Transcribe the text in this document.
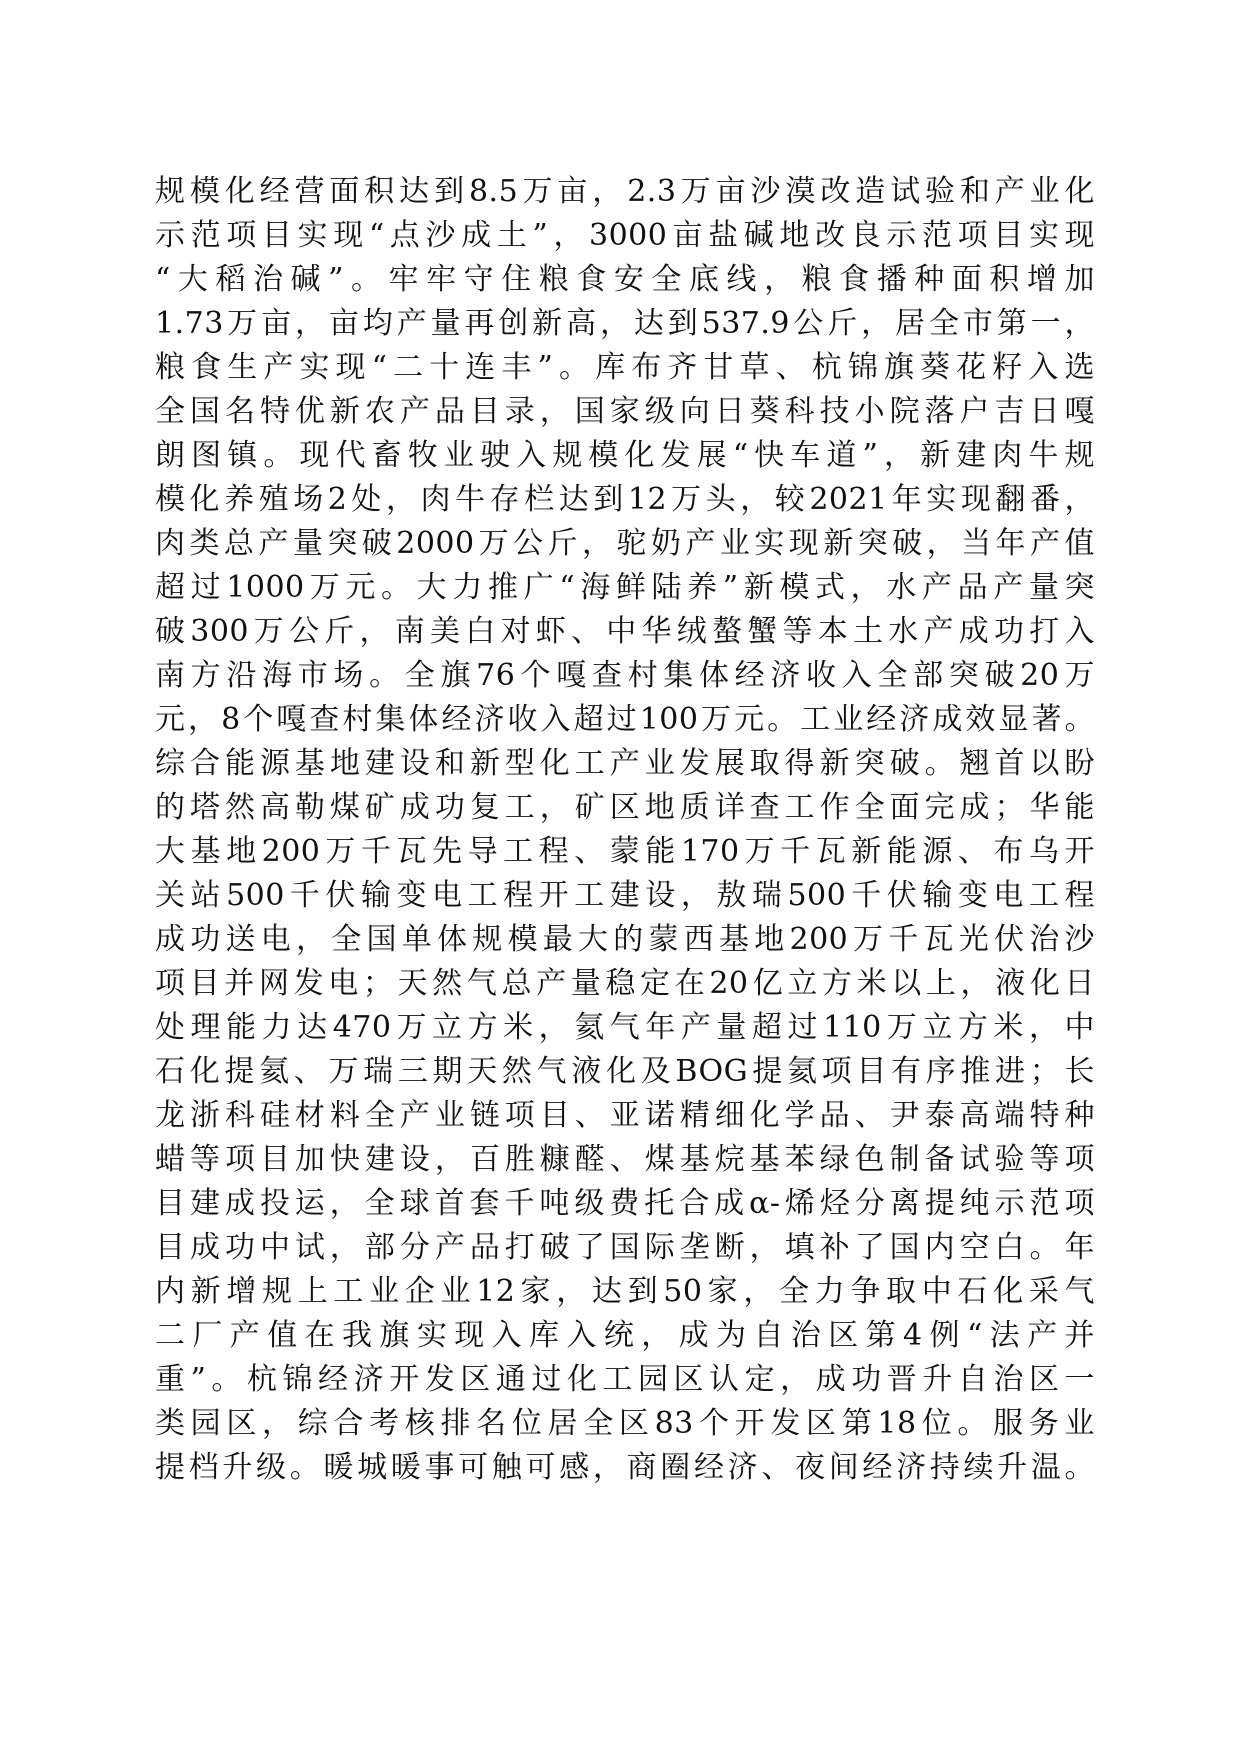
规模化经营面积达到8.5万亩，2.3万亩沙漠改造试验和产业化
示范项目实现“点沙成土”，3000亩盐碱地改良示范项目实现
“大稻治碱”。牢牢守住粮食安全底线，粮食播种面积增加
1.73万亩，亩均产量再创新高，达到537.9公斤，居全市第一，
粮食生产实现“二十连丰”。库布齐甘草、杭锦旗葵花籽入选
全国名特优新农产品目录，国家级向日葵科技小院落户吉日嘎
朗图镇。现代畜牧业驶入规模化发展“快车道”，新建肉牛规
模化养殖场2处，肉牛存栏达到12万头，较2021年实现翻番，
肉类总产量突破2000万公斤，驼奶产业实现新突破，当年产值
超过1000万元。大力推广“海鲜陆养”新模式，水产品产量突
破300万公斤，南美白对虾、中华绒螯蟹等本土水产成功打入
南方沿海市场。全旗76个嘎查村集体经济收入全部突破20万
元，8个嘎查村集体经济收入超过100万元。工业经济成效显著。
综合能源基地建设和新型化工产业发展取得新突破。翘首以盼
的塔然高勒煤矿成功复工，矿区地质详查工作全面完成；华能
大基地200万千瓦先导工程、蒙能170万千瓦新能源、布乌开
关站500千伏输变电工程开工建设，敖瑞500千伏输变电工程
成功送电，全国单体规模最大的蒙西基地200万千瓦光伏治沙
项目并网发电；天然气总产量稳定在20亿立方米以上，液化日
处理能力达470万立方米，氦气年产量超过110万立方米，中
石化提氦、万瑞三期天然气液化及BOG提氦项目有序推进；长
龙浙科硅材料全产业链项目、亚诺精细化学品、尹泰高端特种
蜡等项目加快建设，百胜糠醛、煤基烷基苯绿色制备试验等项
目建成投运，全球首套千吨级费托合成α-烯烃分离提纯示范项
目成功中试，部分产品打破了国际垄断，填补了国内空白。年
内新增规上工业企业12家，达到50家，全力争取中石化采气
二厂产值在我旗实现入库入统，成为自治区第4例“法产并
重”。杭锦经济开发区通过化工园区认定，成功晋升自治区一
类园区，综合考核排名位居全区83个开发区第18位。服务业
提档升级。暖城暖事可触可感，商圈经济、夜间经济持续升温。
